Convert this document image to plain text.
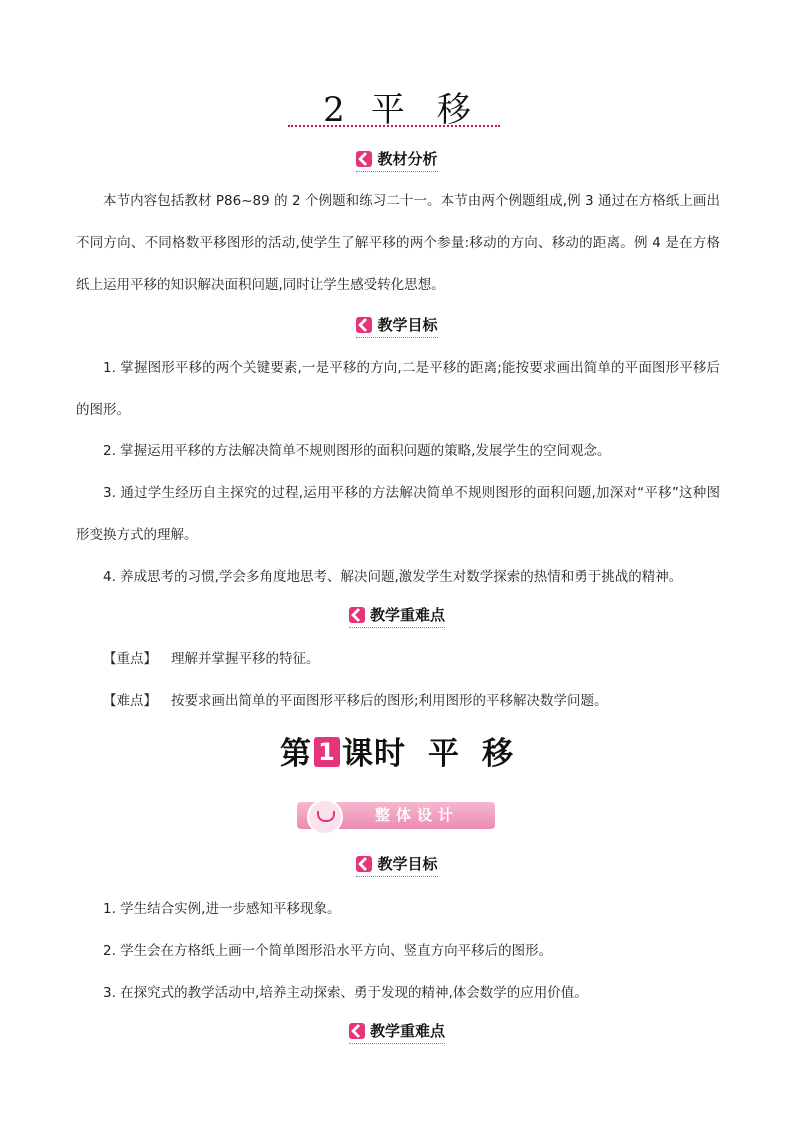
2 平 移
教材分析
本节内容包括教材 P86~89 的 2 个例题和练习二十一。本节由两个例题组成,例 3 通过在方格纸上画出不同方向、不同格数平移图形的活动,使学生了解平移的两个参量:移动的方向、移动的距离。例 4 是在方格纸上运用平移的知识解决面积问题,同时让学生感受转化思想。
教学目标
1. 掌握图形平移的两个关键要素,一是平移的方向,二是平移的距离;能按要求画出简单的平面图形平移后的图形。
2. 掌握运用平移的方法解决简单不规则图形的面积问题的策略,发展学生的空间观念。
3. 通过学生经历自主探究的过程,运用平移的方法解决简单不规则图形的面积问题,加深对“平移”这种图形变换方式的理解。
4. 养成思考的习惯,学会多角度地思考、解决问题,激发学生对数学探索的热情和勇于挑战的精神。
教学重难点
【重点】 理解并掌握平移的特征。
【难点】 按要求画出简单的平面图形平移后的图形;利用图形的平移解决数学问题。
第 1 课时 平 移
整体设计
教学目标
1. 学生结合实例,进一步感知平移现象。
2. 学生会在方格纸上画一个简单图形沿水平方向、竖直方向平移后的图形。
3. 在探究式的教学活动中,培养主动探索、勇于发现的精神,体会数学的应用价值。
教学重难点
